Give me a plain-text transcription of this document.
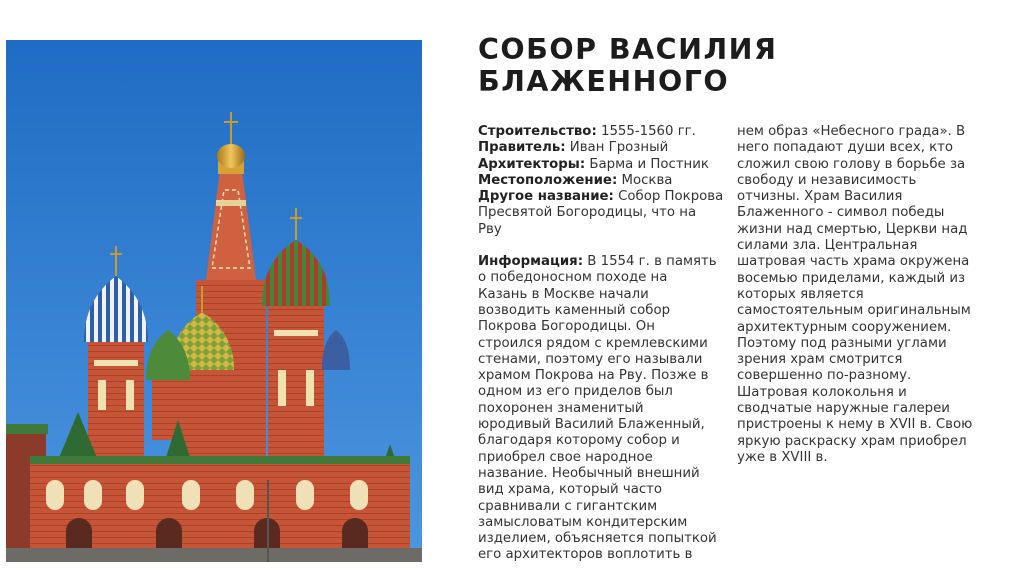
СОБОР ВАСИЛИЯ
БЛАЖЕННОГО
Строительство: 1555-1560 гг.
Правитель: Иван Грозный
Архитекторы: Барма и Постник
Местоположение: Москва
Другое название: Собор Покрова
Пресвятой Богородицы, что на
Рву
Информация: В 1554 г. в память
о победоносном походе на
Казань в Москве начали
возводить каменный собор
Покрова Богородицы. Он
строился рядом с кремлевскими
стенами, поэтому его называли
храмом Покрова на Рву. Позже в
одном из его приделов был
похоронен знаменитый
юродивый Василий Блаженный,
благодаря которому собор и
приобрел свое народное
название. Необычный внешний
вид храма, который часто
сравнивали с гигантским
замысловатым кондитерским
изделием, объясняется попыткой
его архитекторов воплотить в
нем образ «Небесного града». В
него попадают души всех, кто
сложил свою голову в борьбе за
свободу и независимость
отчизны. Храм Василия
Блаженного - символ победы
жизни над смертью, Церкви над
силами зла. Центральная
шатровая часть храма окружена
восемью приделами, каждый из
которых является
самостоятельным оригинальным
архитектурным сооружением.
Поэтому под разными углами
зрения храм смотрится
совершенно по-разному.
Шатровая колокольня и
сводчатые наружные галереи
пристроены к нему в XVII в. Свою
яркую раскраску храм приобрел
уже в XVIII в.
